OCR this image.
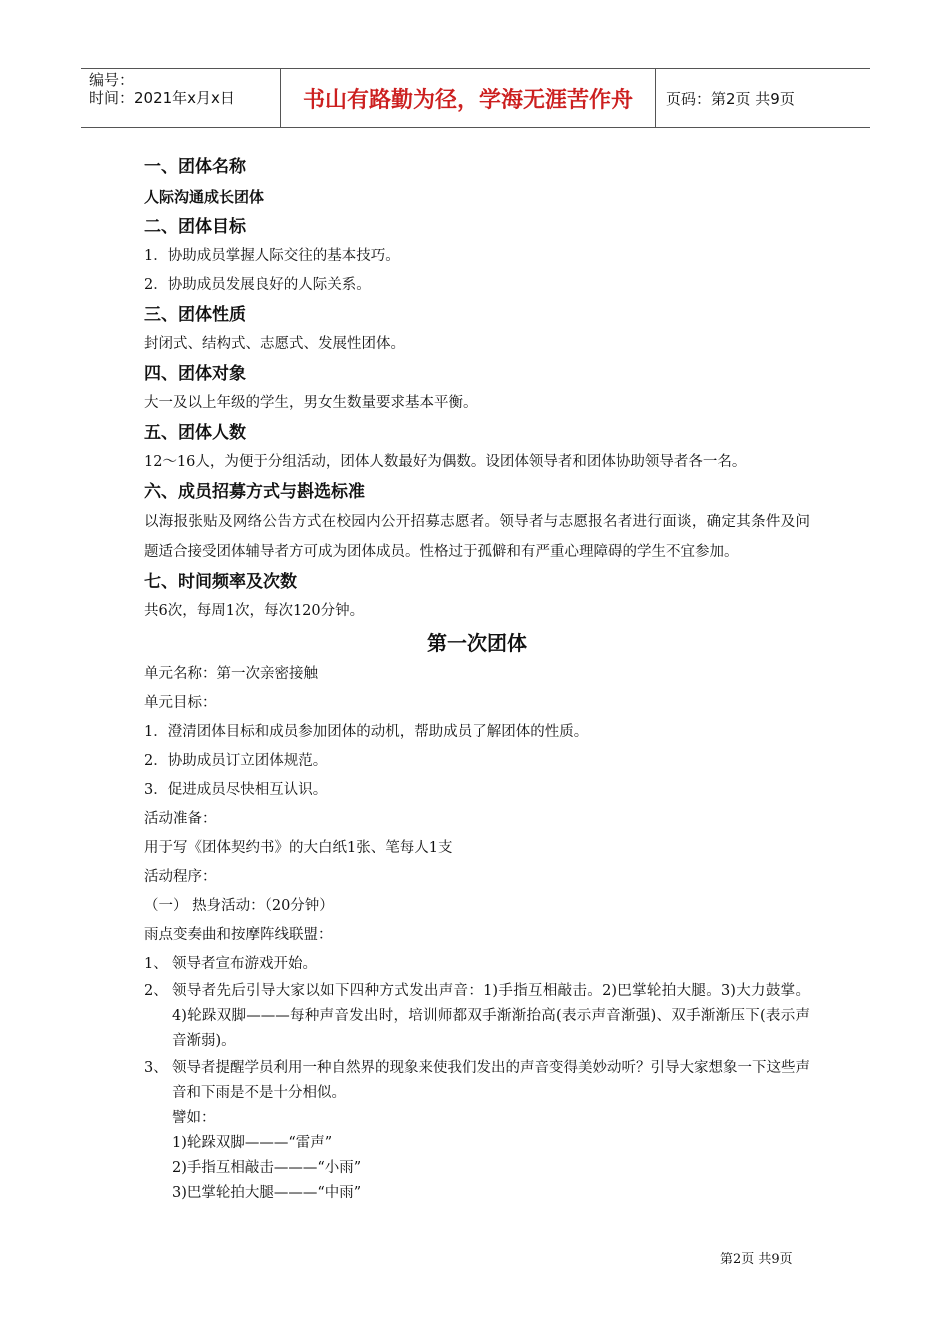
编号：
时间：2021年x月x日	书山有路勤为径，学海无涯苦作舟	页码：第2页 共9页
一、团体名称
人际沟通成长团体
二、团体目标
1．协助成员掌握人际交往的基本技巧。
2．协助成员发展良好的人际关系。
三、团体性质
封闭式、结构式、志愿式、发展性团体。
四、团体对象
大一及以上年级的学生，男女生数量要求基本平衡。
五、团体人数
12～16人，为便于分组活动，团体人数最好为偶数。设团体领导者和团体协助领导者各一名。
六、成员招募方式与斟选标准
以海报张贴及网络公告方式在校园内公开招募志愿者。领导者与志愿报名者进行面谈，确定其条件及问题适合接受团体辅导者方可成为团体成员。性格过于孤僻和有严重心理障碍的学生不宜参加。
七、时间频率及次数
共6次，每周1次，每次120分钟。
第一次团体
单元名称：第一次亲密接触
单元目标：
1．澄清团体目标和成员参加团体的动机，帮助成员了解团体的性质。
2．协助成员订立团体规范。
3．促进成员尽快相互认识。
活动准备：
用于写《团体契约书》的大白纸1张、笔每人1支
活动程序：
（一） 热身活动：（20分钟）
雨点变奏曲和按摩阵线联盟：
1、 领导者宣布游戏开始。
2、 领导者先后引导大家以如下四种方式发出声音：1)手指互相敲击。2)巴掌轮拍大腿。3)大力鼓掌。4)轮跺双脚———每种声音发出时，培训师都双手渐渐抬高(表示声音渐强)、双手渐渐压下(表示声音渐弱)。
3、 领导者提醒学员利用一种自然界的现象来使我们发出的声音变得美妙动听？引导大家想象一下这些声音和下雨是不是十分相似。
譬如：
1)轮跺双脚———“雷声”
2)手指互相敲击———“小雨”
3)巴掌轮拍大腿———“中雨”
第2页 共9页
